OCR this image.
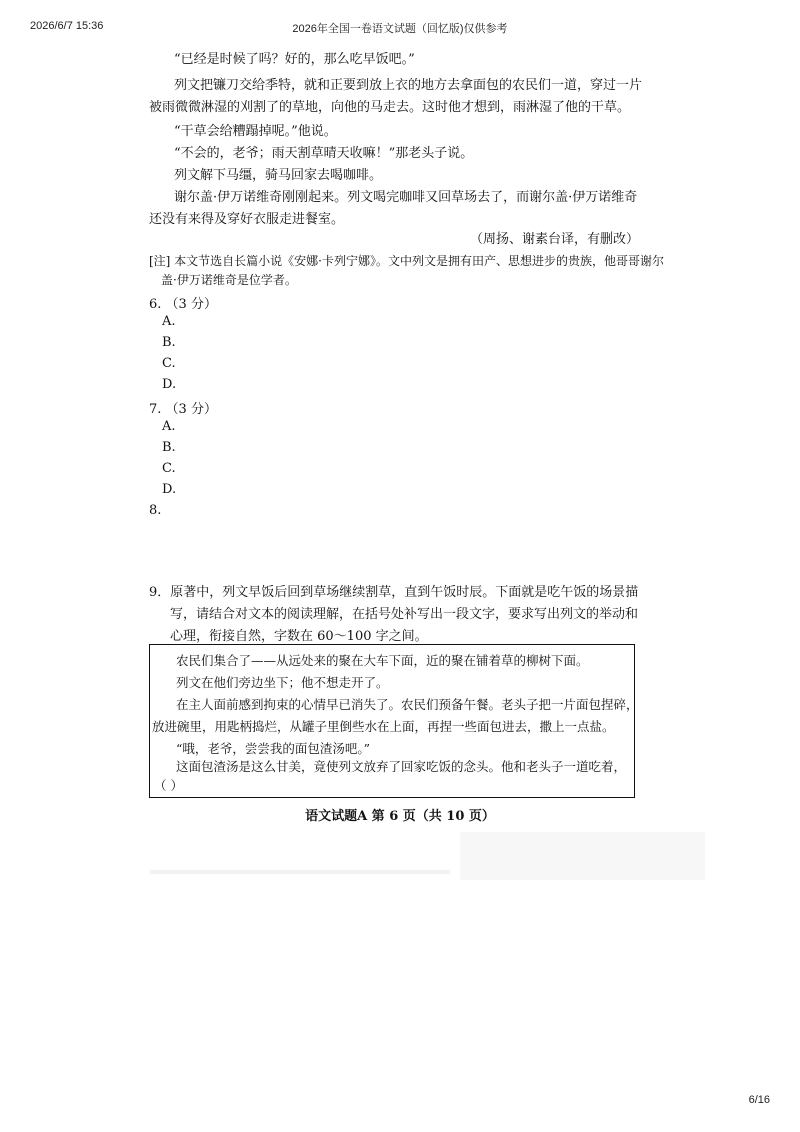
2026/6/7 15:36	2026年全国一卷语文试题（回忆版)仅供参考
“已经是时候了吗？好的，那么吃早饭吧。”
列文把镰刀交给季特，就和正要到放上衣的地方去拿面包的农民们一道，穿过一片
被雨微微淋湿的刈割了的草地，向他的马走去。这时他才想到，雨淋湿了他的干草。
“干草会给糟蹋掉呢。”他说。
“不会的，老爷；雨天割草晴天收嘛！”那老头子说。
列文解下马缰，骑马回家去喝咖啡。
谢尔盖·伊万诺维奇刚刚起来。列文喝完咖啡又回草场去了，而谢尔盖·伊万诺维奇
还没有来得及穿好衣服走进餐室。
（周扬、谢素台译，有删改）
[注] 本文节选自长篇小说《安娜·卡列宁娜》。文中列文是拥有田产、思想进步的贵族，他哥哥谢尔
盖·伊万诺维奇是位学者。
6. （3 分）
A.
B.
C.
D.
7. （3 分）
A.
B.
C.
D.
8.
9．原著中，列文早饭后回到草场继续割草，直到午饭时辰。下面就是吃午饭的场景描
写，请结合对文本的阅读理解，在括号处补写出一段文字，要求写出列文的举动和
心理，衔接自然，字数在 60～100 字之间。
农民们集合了——从远处来的聚在大车下面，近的聚在铺着草的柳树下面。
列文在他们旁边坐下；他不想走开了。
在主人面前感到拘束的心情早已消失了。农民们预备午餐。老头子把一片面包捏碎，
放进碗里，用匙柄捣烂，从罐子里倒些水在上面，再捏一些面包进去，撒上一点盐。
“哦，老爷，尝尝我的面包渣汤吧。”
这面包渣汤是这么甘美，竟使列文放弃了回家吃饭的念头。他和老头子一道吃着，
（ ）
语文试题A 第 6 页（共 10 页）
6/16
